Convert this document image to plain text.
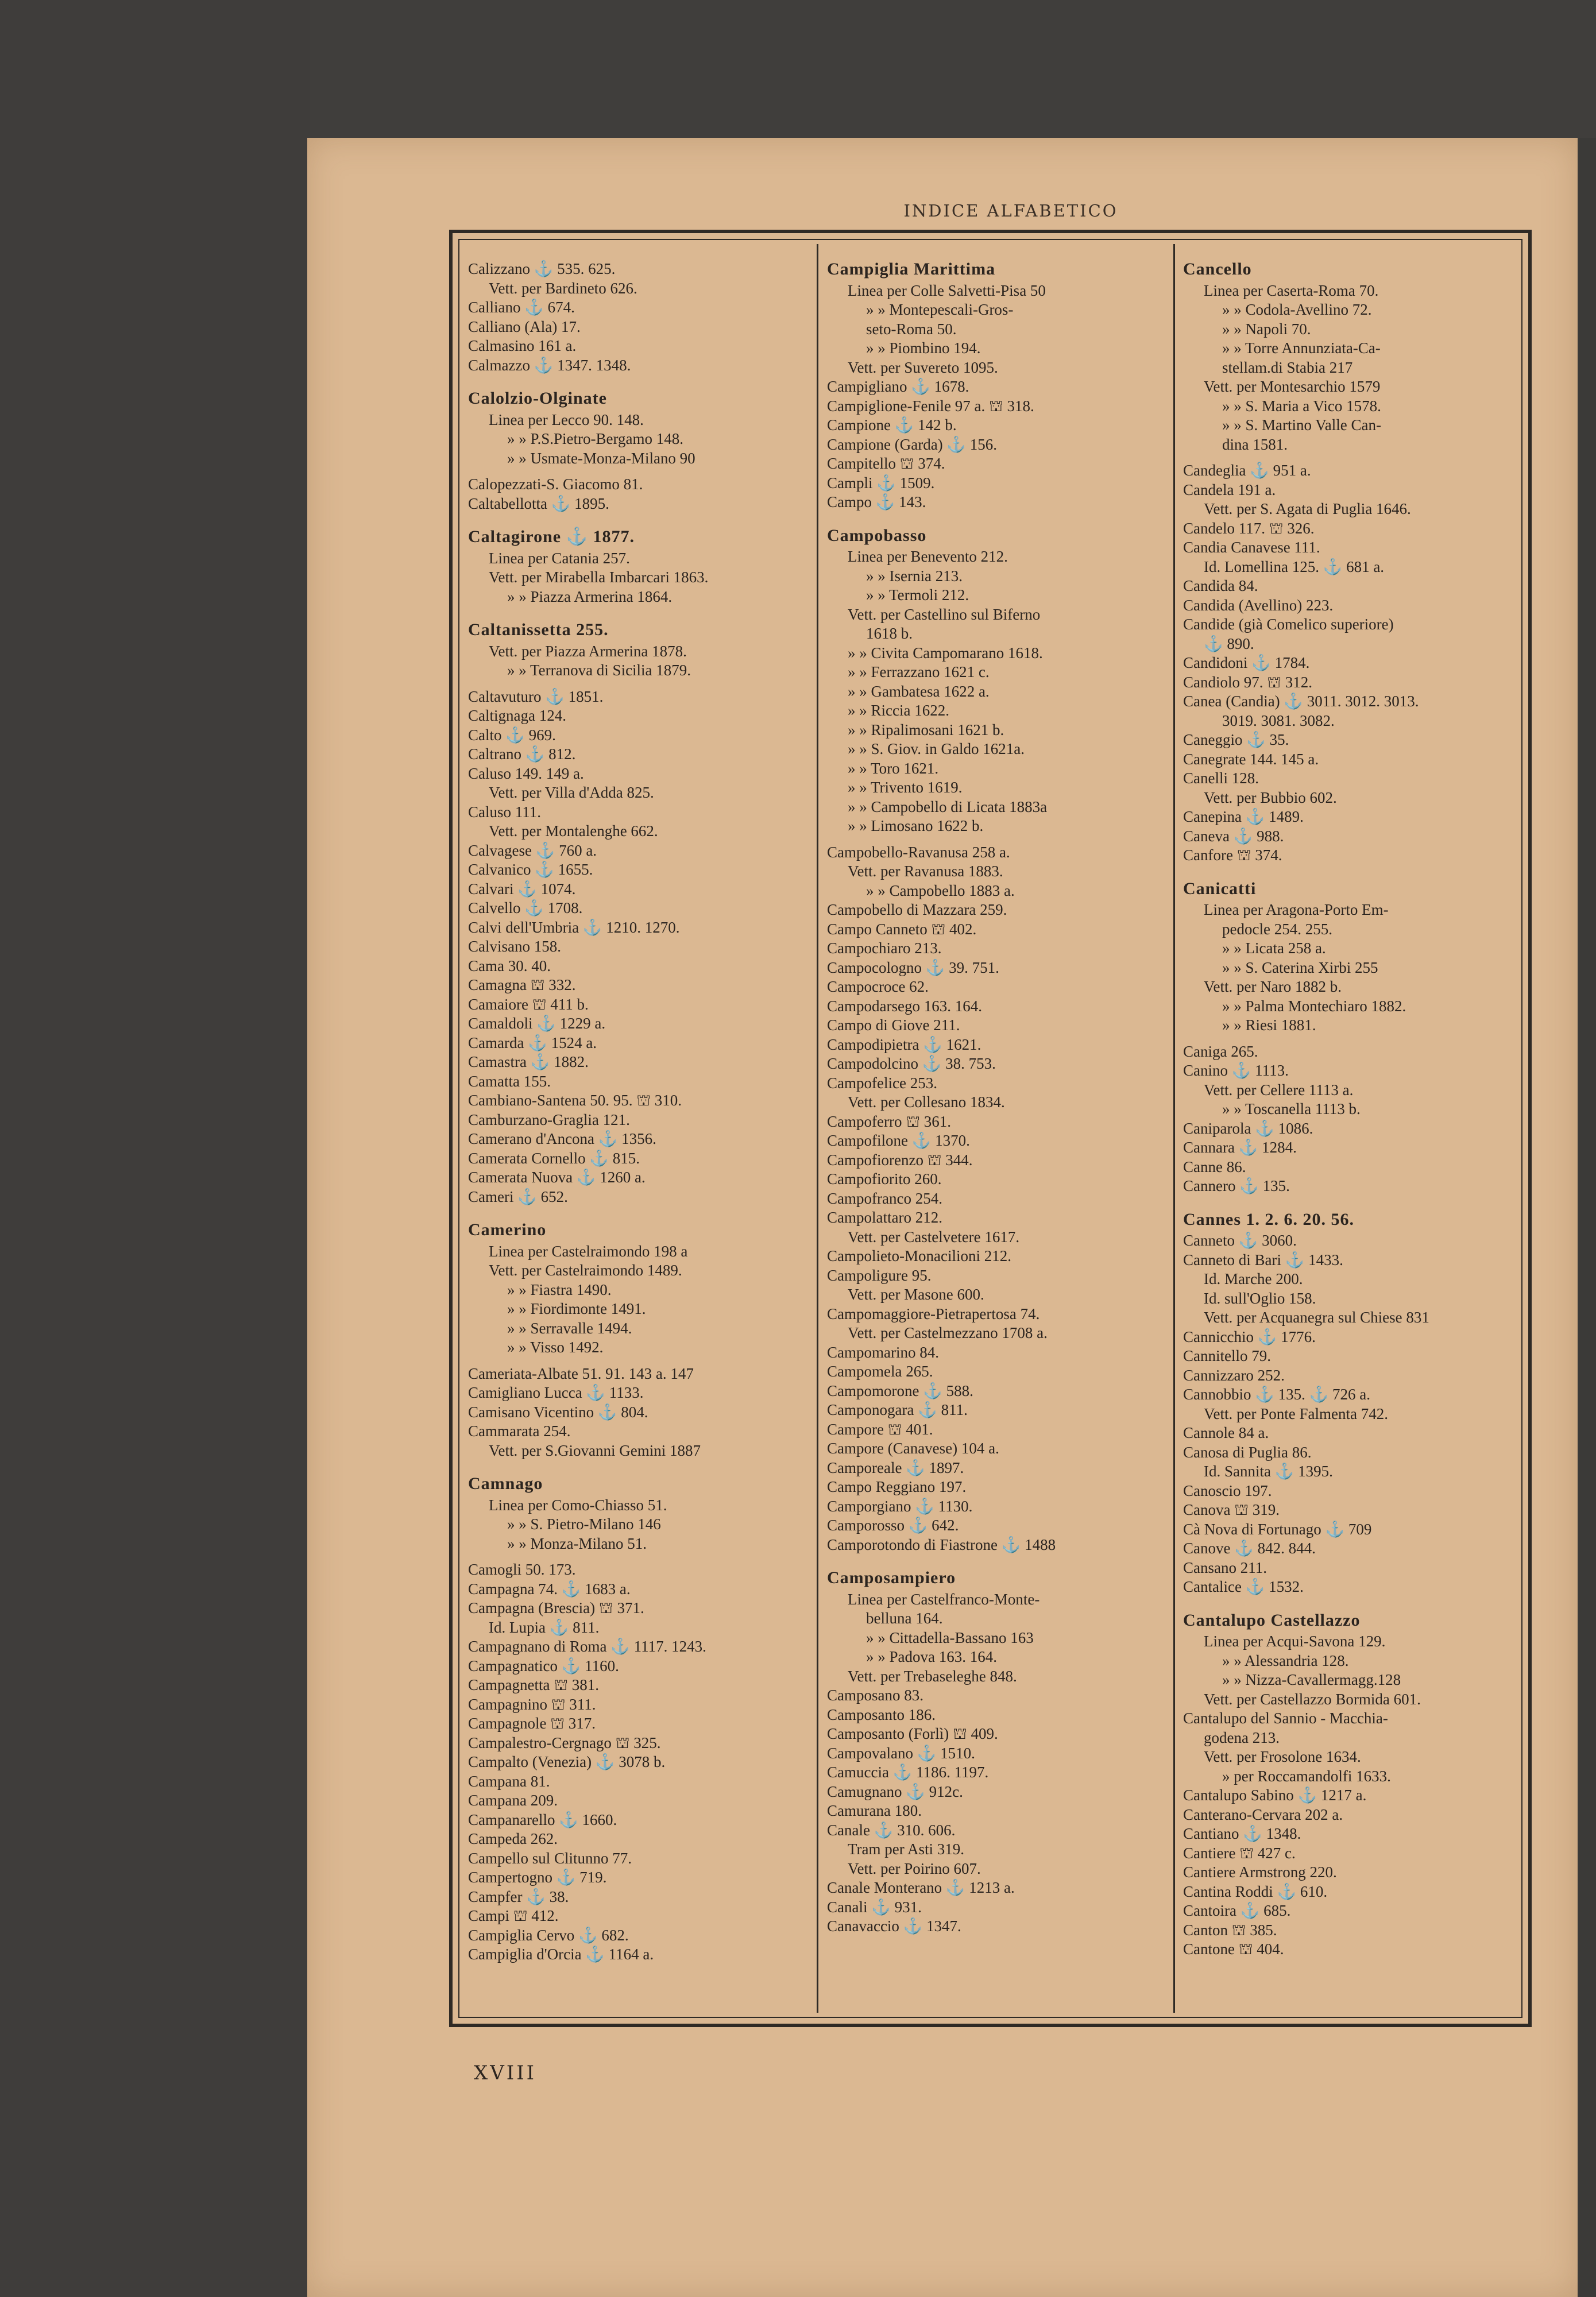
INDICE ALFABETICO
Calizzano ⚓ 535. 625.
Vett. per Bardineto 626.
Calliano ⚓ 674.
Calliano (Ala) 17.
Calmasino 161 a.
Calmazzo ⚓ 1347. 1348.
Calolzio-Olginate
Linea per Lecco 90. 148.
» » P.S.Pietro-Bergamo 148.
» » Usmate-Monza-Milano 90
Calopezzati-S. Giacomo 81.
Caltabellotta ⚓ 1895.
Caltagirone ⚓ 1877.
Linea per Catania 257.
Vett. per Mirabella Imbarcari 1863.
» » Piazza Armerina 1864.
Caltanissetta 255.
Vett. per Piazza Armerina 1878.
» » Terranova di Sicilia 1879.
Caltavuturo ⚓ 1851.
Caltignaga 124.
Calto ⚓ 969.
Caltrano ⚓ 812.
Caluso 149. 149 a.
Vett. per Villa d'Adda 825.
Caluso 111.
Vett. per Montalenghe 662.
Calvagese ⚓ 760 a.
Calvanico ⚓ 1655.
Calvari ⚓ 1074.
Calvello ⚓ 1708.
Calvi dell'Umbria ⚓ 1210. 1270.
Calvisano 158.
Cama 30. 40.
Camagna ⛫ 332.
Camaiore ⛫ 411 b.
Camaldoli ⚓ 1229 a.
Camarda ⚓ 1524 a.
Camastra ⚓ 1882.
Camatta 155.
Cambiano-Santena 50. 95. ⛫ 310.
Camburzano-Graglia 121.
Camerano d'Ancona ⚓ 1356.
Camerata Cornello ⚓ 815.
Camerata Nuova ⚓ 1260 a.
Cameri ⚓ 652.
Camerino
Linea per Castelraimondo 198 a
Vett. per Castelraimondo 1489.
» » Fiastra 1490.
» » Fiordimonte 1491.
» » Serravalle 1494.
» » Visso 1492.
Cameriata-Albate 51. 91. 143 a. 147
Camigliano Lucca ⚓ 1133.
Camisano Vicentino ⚓ 804.
Cammarata 254.
Vett. per S.Giovanni Gemini 1887
Camnago
Linea per Como-Chiasso 51.
» » S. Pietro-Milano 146
» » Monza-Milano 51.
Camogli 50. 173.
Campagna 74. ⚓ 1683 a.
Campagna (Brescia) ⛫ 371.
Id. Lupia ⚓ 811.
Campagnano di Roma ⚓ 1117. 1243.
Campagnatico ⚓ 1160.
Campagnetta ⛫ 381.
Campagnino ⛫ 311.
Campagnole ⛫ 317.
Campalestro-Cergnago ⛫ 325.
Campalto (Venezia) ⚓ 3078 b.
Campana 81.
Campana 209.
Campanarello ⚓ 1660.
Campeda 262.
Campello sul Clitunno 77.
Campertogno ⚓ 719.
Campfer ⚓ 38.
Campi ⛫ 412.
Campiglia Cervo ⚓ 682.
Campiglia d'Orcia ⚓ 1164 a.
Campiglia Marittima
Linea per Colle Salvetti-Pisa 50
» » Montepescali-Gros-
seto-Roma 50.
» » Piombino 194.
Vett. per Suvereto 1095.
Campigliano ⚓ 1678.
Campiglione-Fenile 97 a. ⛫ 318.
Campione ⚓ 142 b.
Campione (Garda) ⚓ 156.
Campitello ⛫ 374.
Campli ⚓ 1509.
Campo ⚓ 143.
Campobasso
Linea per Benevento 212.
» » Isernia 213.
» » Termoli 212.
Vett. per Castellino sul Biferno
1618 b.
» » Civita Campomarano 1618.
» » Ferrazzano 1621 c.
» » Gambatesa 1622 a.
» » Riccia 1622.
» » Ripalimosani 1621 b.
» » S. Giov. in Galdo 1621a.
» » Toro 1621.
» » Trivento 1619.
» » Campobello di Licata 1883a
» » Limosano 1622 b.
Campobello-Ravanusa 258 a.
Vett. per Ravanusa 1883.
» » Campobello 1883 a.
Campobello di Mazzara 259.
Campo Canneto ⛫ 402.
Campochiaro 213.
Campocologno ⚓ 39. 751.
Campocroce 62.
Campodarsego 163. 164.
Campo di Giove 211.
Campodipietra ⚓ 1621.
Campodolcino ⚓ 38. 753.
Campofelice 253.
Vett. per Collesano 1834.
Campoferro ⛫ 361.
Campofilone ⚓ 1370.
Campofiorenzo ⛫ 344.
Campofiorito 260.
Campofranco 254.
Campolattaro 212.
Vett. per Castelvetere 1617.
Campolieto-Monacilioni 212.
Campoligure 95.
Vett. per Masone 600.
Campomaggiore-Pietrapertosa 74.
Vett. per Castelmezzano 1708 a.
Campomarino 84.
Campomela 265.
Campomorone ⚓ 588.
Camponogara ⚓ 811.
Campore ⛫ 401.
Campore (Canavese) 104 a.
Camporeale ⚓ 1897.
Campo Reggiano 197.
Camporgiano ⚓ 1130.
Camporosso ⚓ 642.
Camporotondo di Fiastrone ⚓ 1488
Camposampiero
Linea per Castelfranco-Monte-
belluna 164.
» » Cittadella-Bassano 163
» » Padova 163. 164.
Vett. per Trebaseleghe 848.
Camposano 83.
Camposanto 186.
Camposanto (Forlì) ⛫ 409.
Campovalano ⚓ 1510.
Camuccia ⚓ 1186. 1197.
Camugnano ⚓ 912c.
Camurana 180.
Canale ⚓ 310. 606.
Tram per Asti 319.
Vett. per Poirino 607.
Canale Monterano ⚓ 1213 a.
Canali ⚓ 931.
Canavaccio ⚓ 1347.
Cancello
Linea per Caserta-Roma 70.
» » Codola-Avellino 72.
» » Napoli 70.
» » Torre Annunziata-Ca-
stellam.di Stabia 217
Vett. per Montesarchio 1579
» » S. Maria a Vico 1578.
» » S. Martino Valle Can-
dina 1581.
Candeglia ⚓ 951 a.
Candela 191 a.
Vett. per S. Agata di Puglia 1646.
Candelo 117. ⛫ 326.
Candia Canavese 111.
Id. Lomellina 125. ⚓ 681 a.
Candida 84.
Candida (Avellino) 223.
Candide (già Comelico superiore)
⚓ 890.
Candidoni ⚓ 1784.
Candiolo 97. ⛫ 312.
Canea (Candia) ⚓ 3011. 3012. 3013.
3019. 3081. 3082.
Caneggio ⚓ 35.
Canegrate 144. 145 a.
Canelli 128.
Vett. per Bubbio 602.
Canepina ⚓ 1489.
Caneva ⚓ 988.
Canfore ⛫ 374.
Canicatti
Linea per Aragona-Porto Em-
pedocle 254. 255.
» » Licata 258 a.
» » S. Caterina Xirbi 255
Vett. per Naro 1882 b.
» » Palma Montechiaro 1882.
» » Riesi 1881.
Caniga 265.
Canino ⚓ 1113.
Vett. per Cellere 1113 a.
» » Toscanella 1113 b.
Caniparola ⚓ 1086.
Cannara ⚓ 1284.
Canne 86.
Cannero ⚓ 135.
Cannes 1. 2. 6. 20. 56.
Canneto ⚓ 3060.
Canneto di Bari ⚓ 1433.
Id. Marche 200.
Id. sull'Oglio 158.
Vett. per Acquanegra sul Chiese 831
Cannicchio ⚓ 1776.
Cannitello 79.
Cannizzaro 252.
Cannobbio ⚓ 135. ⚓ 726 a.
Vett. per Ponte Falmenta 742.
Cannole 84 a.
Canosa di Puglia 86.
Id. Sannita ⚓ 1395.
Canoscio 197.
Canova ⛫ 319.
Cà Nova di Fortunago ⚓ 709
Canove ⚓ 842. 844.
Cansano 211.
Cantalice ⚓ 1532.
Cantalupo Castellazzo
Linea per Acqui-Savona 129.
» » Alessandria 128.
» » Nizza-Cavallermagg.128
Vett. per Castellazzo Bormida 601.
Cantalupo del Sannio - Macchia-
godena 213.
Vett. per Frosolone 1634.
» per Roccamandolfi 1633.
Cantalupo Sabino ⚓ 1217 a.
Canterano-Cervara 202 a.
Cantiano ⚓ 1348.
Cantiere ⛫ 427 c.
Cantiere Armstrong 220.
Cantina Roddi ⚓ 610.
Cantoira ⚓ 685.
Canton ⛫ 385.
Cantone ⛫ 404.
XVIII
